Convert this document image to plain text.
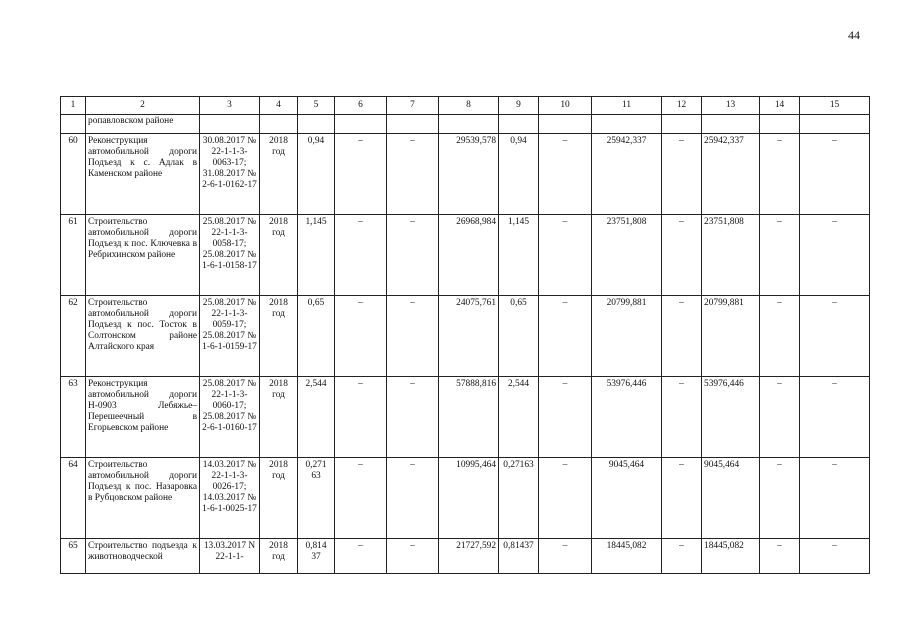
44
1	2	3	4	5	6	7	8	9	10	11	12	13	14	15
	ропавловском районе													
60	Реконструкция автомобильной дороги Подъезд к с. Адлак в Каменском районе	30.08.2017 № 22-1-1-3-0063-17; 31.08.2017 № 2-6-1-0162-17	2018 год	0,94	–	–	29539,578	0,94	–	25942,337	–	25942,337	–	–
61	Строительство автомобильной дороги Подъезд к пос. Ключевка в Ребрихинском районе	25.08.2017 № 22-1-1-3-0058-17; 25.08.2017 № 1-6-1-0158-17	2018 год	1,145	–	–	26968,984	1,145	–	23751,808	–	23751,808	–	–
62	Строительство автомобильной дороги Подъезд к пос. Тосток в Солтонском районе Алтайского края	25.08.2017 № 22-1-1-3-0059-17; 25.08.2017 № 1-6-1-0159-17	2018 год	0,65	–	–	24075,761	0,65	–	20799,881	–	20799,881	–	–
63	Реконструкция автомобильной дороги Н-0903 Лебяжье–Перешеечный в Егорьевском районе	25.08.2017 № 22-1-1-3-0060-17; 25.08.2017 № 2-6-1-0160-17	2018 год	2,544	–	–	57888,816	2,544	–	53976,446	–	53976,446	–	–
64	Строительство автомобильной дороги Подъезд к пос. Назаровка в Рубцовском районе	14.03.2017 № 22-1-1-3-0026-17; 14.03.2017 № 1-6-1-0025-17	2018 год	0,271 63	–	–	10995,464	0,27163	–	9045,464	–	9045,464	–	–
65	Строительство подъезда к животноводческой	13.03.2017 N 22-1-1-	2018 год	0,814 37	–	–	21727,592	0,81437	–	18445,082	–	18445,082	–	–
